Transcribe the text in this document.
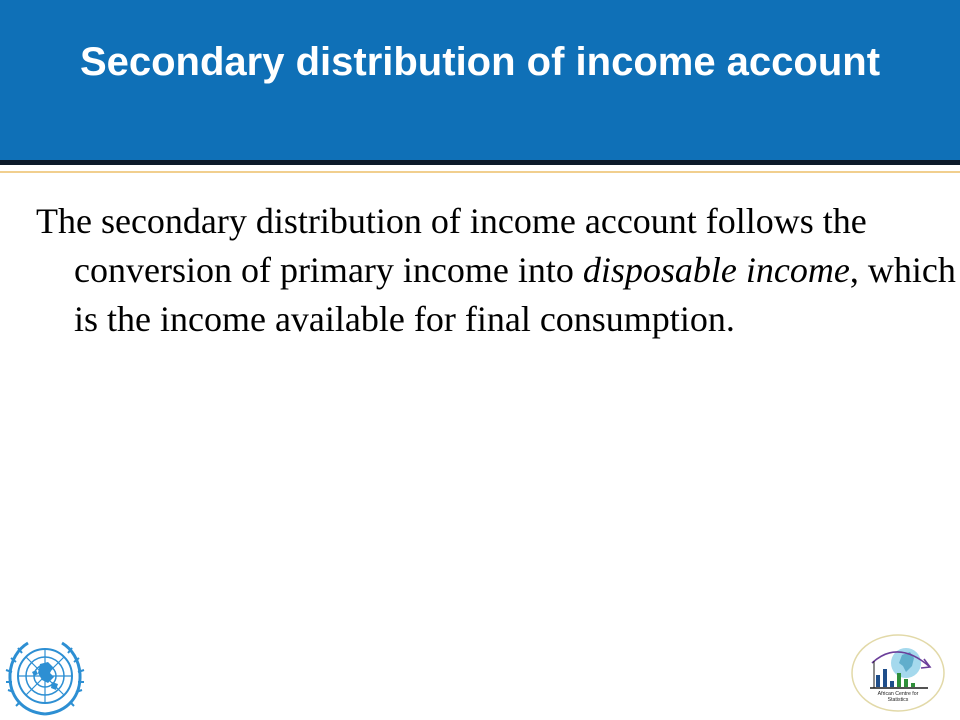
Secondary distribution of income account

The secondary distribution of income account follows the conversion of primary income into disposable income, which is the income available for final consumption.

African Centre for
Statistics
